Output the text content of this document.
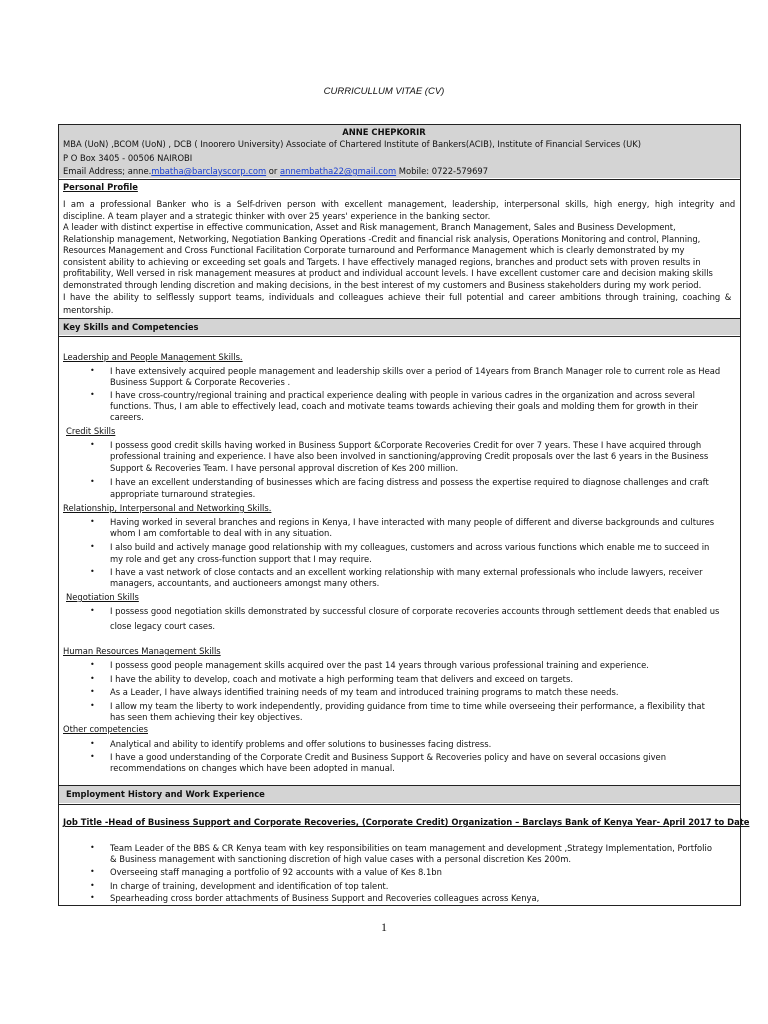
CURRICULLUM VITAE (CV)
ANNE CHEPKORIR
MBA (UoN) ,BCOM (UoN) , DCB ( Inoorero University) Associate of Chartered Institute of Bankers(ACIB), Institute of Financial Services (UK)
P O Box 3405 - 00506 NAIROBI
Email Address; anne.mbatha@barclayscorp.com or annembatha22@gmail.com Mobile: 0722-579697
Personal Profile
I am a professional Banker who is a Self-driven person with excellent management, leadership, interpersonal skills, high energy, high integrity and
discipline. A team player and a strategic thinker with over 25 years' experience in the banking sector.
A leader with distinct expertise in effective communication, Asset and Risk management, Branch Management, Sales and Business Development,
Relationship management, Networking, Negotiation Banking Operations -Credit and financial risk analysis, Operations Monitoring and control, Planning,
Resources Management and Cross Functional Facilitation Corporate turnaround and Performance Management which is clearly demonstrated by my
consistent ability to achieving or exceeding set goals and Targets. I have effectively managed regions, branches and product sets with proven results in
profitability, Well versed in risk management measures at product and individual account levels. I have excellent customer care and decision making skills
demonstrated through lending discretion and making decisions, in the best interest of my customers and Business stakeholders during my work period.
I have the ability to selflessly support teams, individuals and colleagues achieve their full potential and career ambitions through training, coaching &
mentorship.
Key Skills and Competencies
Leadership and People Management Skills.
• I have extensively acquired people management and leadership skills over a period of 14years from Branch Manager role to current role as Head
Business Support & Corporate Recoveries .
• I have cross-country/regional training and practical experience dealing with people in various cadres in the organization and across several
functions. Thus, I am able to effectively lead, coach and motivate teams towards achieving their goals and molding them for growth in their
careers.
Credit Skills
• I possess good credit skills having worked in Business Support &Corporate Recoveries Credit for over 7 years. These I have acquired through
professional training and experience. I have also been involved in sanctioning/approving Credit proposals over the last 6 years in the Business
Support & Recoveries Team. I have personal approval discretion of Kes 200 million.
• I have an excellent understanding of businesses which are facing distress and possess the expertise required to diagnose challenges and craft
appropriate turnaround strategies.
Relationship, Interpersonal and Networking Skills.
• Having worked in several branches and regions in Kenya, I have interacted with many people of different and diverse backgrounds and cultures
whom I am comfortable to deal with in any situation.
• I also build and actively manage good relationship with my colleagues, customers and across various functions which enable me to succeed in
my role and get any cross-function support that I may require.
• I have a vast network of close contacts and an excellent working relationship with many external professionals who include lawyers, receiver
managers, accountants, and auctioneers amongst many others.
Negotiation Skills
• I possess good negotiation skills demonstrated by successful closure of corporate recoveries accounts through settlement deeds that enabled us
close legacy court cases.
Human Resources Management Skills
• I possess good people management skills acquired over the past 14 years through various professional training and experience.
• I have the ability to develop, coach and motivate a high performing team that delivers and exceed on targets.
• As a Leader, I have always identified training needs of my team and introduced training programs to match these needs.
• I allow my team the liberty to work independently, providing guidance from time to time while overseeing their performance, a flexibility that
has seen them achieving their key objectives.
Other competencies
• Analytical and ability to identify problems and offer solutions to businesses facing distress.
• I have a good understanding of the Corporate Credit and Business Support & Recoveries policy and have on several occasions given
recommendations on changes which have been adopted in manual.
Employment History and Work Experience
Job Title -Head of Business Support and Corporate Recoveries, (Corporate Credit) Organization – Barclays Bank of Kenya Year- April 2017 to Date
• Team Leader of the BBS & CR Kenya team with key responsibilities on team management and development ,Strategy Implementation, Portfolio
& Business management with sanctioning discretion of high value cases with a personal discretion Kes 200m.
• Overseeing staff managing a portfolio of 92 accounts with a value of Kes 8.1bn
• In charge of training, development and identification of top talent.
• Spearheading cross border attachments of Business Support and Recoveries colleagues across Kenya,
1
